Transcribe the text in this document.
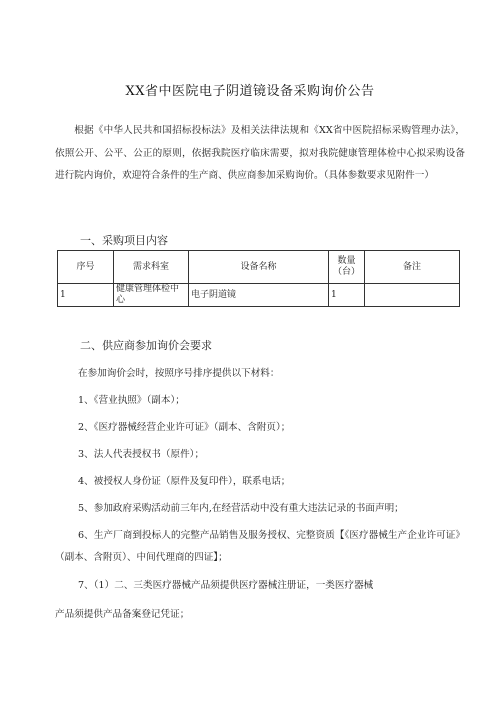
XX省中医院电子阴道镜设备采购询价公告

根据《中华人民共和国招标投标法》及相关法律法规和《XX省中医院招标采购管理办法》，依照公开、公平、公正的原则，依据我院医疗临床需要，拟对我院健康管理体检中心拟采购设备进行院内询价，欢迎符合条件的生产商、供应商参加采购询价。（具体参数要求见附件一）

一、采购项目内容

序号	需求科室	设备名称	数量（台）	备注
1	健康管理体检中心	电子阴道镜	1	

二、供应商参加询价会要求

在参加询价会时，按照序号排序提供以下材料：

1、《营业执照》（副本）；

2、《医疗器械经营企业许可证》（副本、含附页）；

3、法人代表授权书（原件）；

4、被授权人身份证（原件及复印件），联系电话；

5、参加政府采购活动前三年内,在经营活动中没有重大违法记录的书面声明；

6、生产厂商到投标人的完整产品销售及服务授权、完整资质【《医疗器械生产企业许可证》（副本、含附页）、中间代理商的四证】；

7、（1）二、三类医疗器械产品须提供医疗器械注册证，一类医疗器械

产品须提供产品备案登记凭证；
